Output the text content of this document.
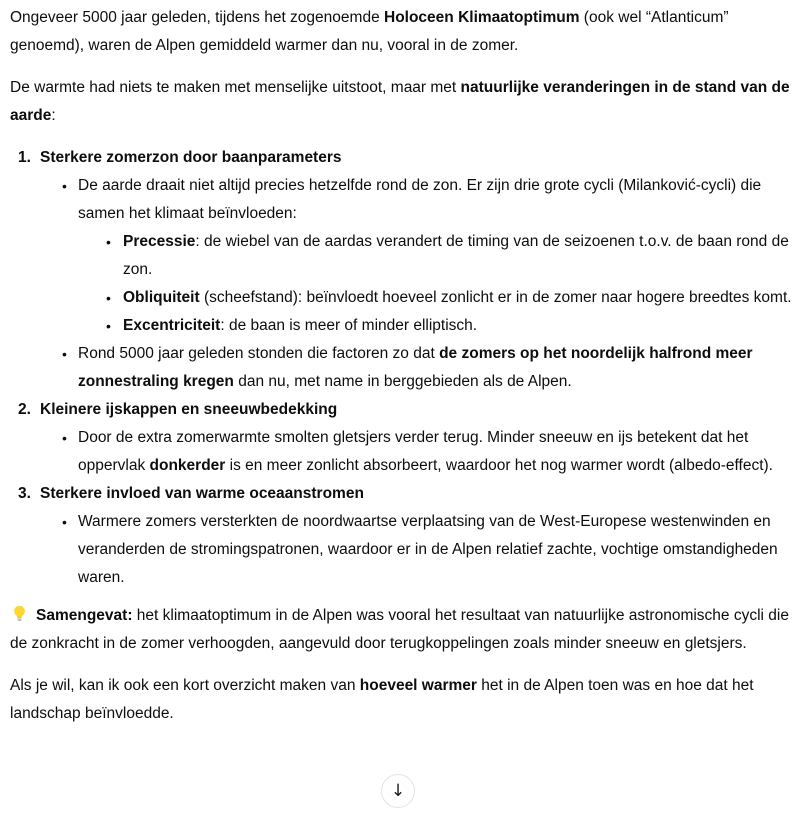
Ongeveer 5000 jaar geleden, tijdens het zogenoemde Holoceen Klimaatoptimum (ook wel “Atlanticum” genoemd), waren de Alpen gemiddeld warmer dan nu, vooral in de zomer.

De warmte had niets te maken met menselijke uitstoot, maar met natuurlijke veranderingen in de stand van de aarde:

1. Sterkere zomerzon door baanparameters
• De aarde draait niet altijd precies hetzelfde rond de zon. Er zijn drie grote cycli (Milanković-cycli) die samen het klimaat beïnvloeden:
• Precessie: de wiebel van de aardas verandert de timing van de seizoenen t.o.v. de baan rond de zon.
• Obliquiteit (scheefstand): beïnvloedt hoeveel zonlicht er in de zomer naar hogere breedtes komt.
• Excentriciteit: de baan is meer of minder elliptisch.
• Rond 5000 jaar geleden stonden die factoren zo dat de zomers op het noordelijk halfrond meer zonnestraling kregen dan nu, met name in berggebieden als de Alpen.
2. Kleinere ijskappen en sneeuwbedekking
• Door de extra zomerwarmte smolten gletsjers verder terug. Minder sneeuw en ijs betekent dat het oppervlak donkerder is en meer zonlicht absorbeert, waardoor het nog warmer wordt (albedo-effect).
3. Sterkere invloed van warme oceaanstromen
• Warmere zomers versterkten de noordwaartse verplaatsing van de West-Europese westenwinden en veranderden de stromingspatronen, waardoor er in de Alpen relatief zachte, vochtige omstandigheden waren.

Samengevat: het klimaatoptimum in de Alpen was vooral het resultaat van natuurlijke astronomische cycli die de zonkracht in de zomer verhoogden, aangevuld door terugkoppelingen zoals minder sneeuw en gletsjers.

Als je wil, kan ik ook een kort overzicht maken van hoeveel warmer het in de Alpen toen was en hoe dat het landschap beïnvloedde.

↓
